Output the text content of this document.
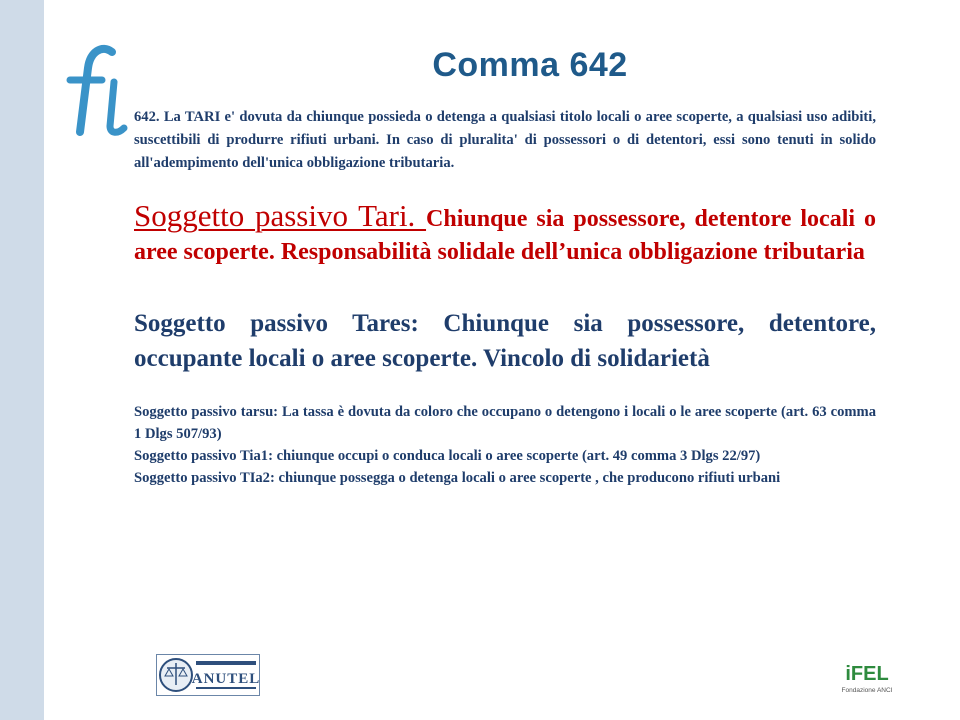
Comma 642

642. La TARI e' dovuta da chiunque possieda o detenga a qualsiasi titolo locali o aree scoperte, a qualsiasi uso adibiti, suscettibili di produrre rifiuti urbani. In caso di pluralita' di possessori o di detentori, essi sono tenuti in solido all'adempimento dell'unica obbligazione tributaria.

Soggetto passivo Tari. Chiunque sia possessore, detentore locali o aree scoperte. Responsabilità solidale dell’unica obbligazione tributaria

Soggetto passivo Tares: Chiunque sia possessore, detentore, occupante locali o aree scoperte. Vincolo di solidarietà

Soggetto passivo tarsu: La tassa è dovuta da coloro che occupano o detengono i locali o le aree scoperte (art. 63 comma 1 Dlgs 507/93)

Soggetto passivo Tia1: chiunque occupi o conduca locali o aree scoperte (art. 49 comma 3 Dlgs 22/97)

Soggetto passivo TIa2: chiunque possegga o detenga locali o aree scoperte , che producono rifiuti urbani

ANUTEL	iFEL
Fondazione ANCI
